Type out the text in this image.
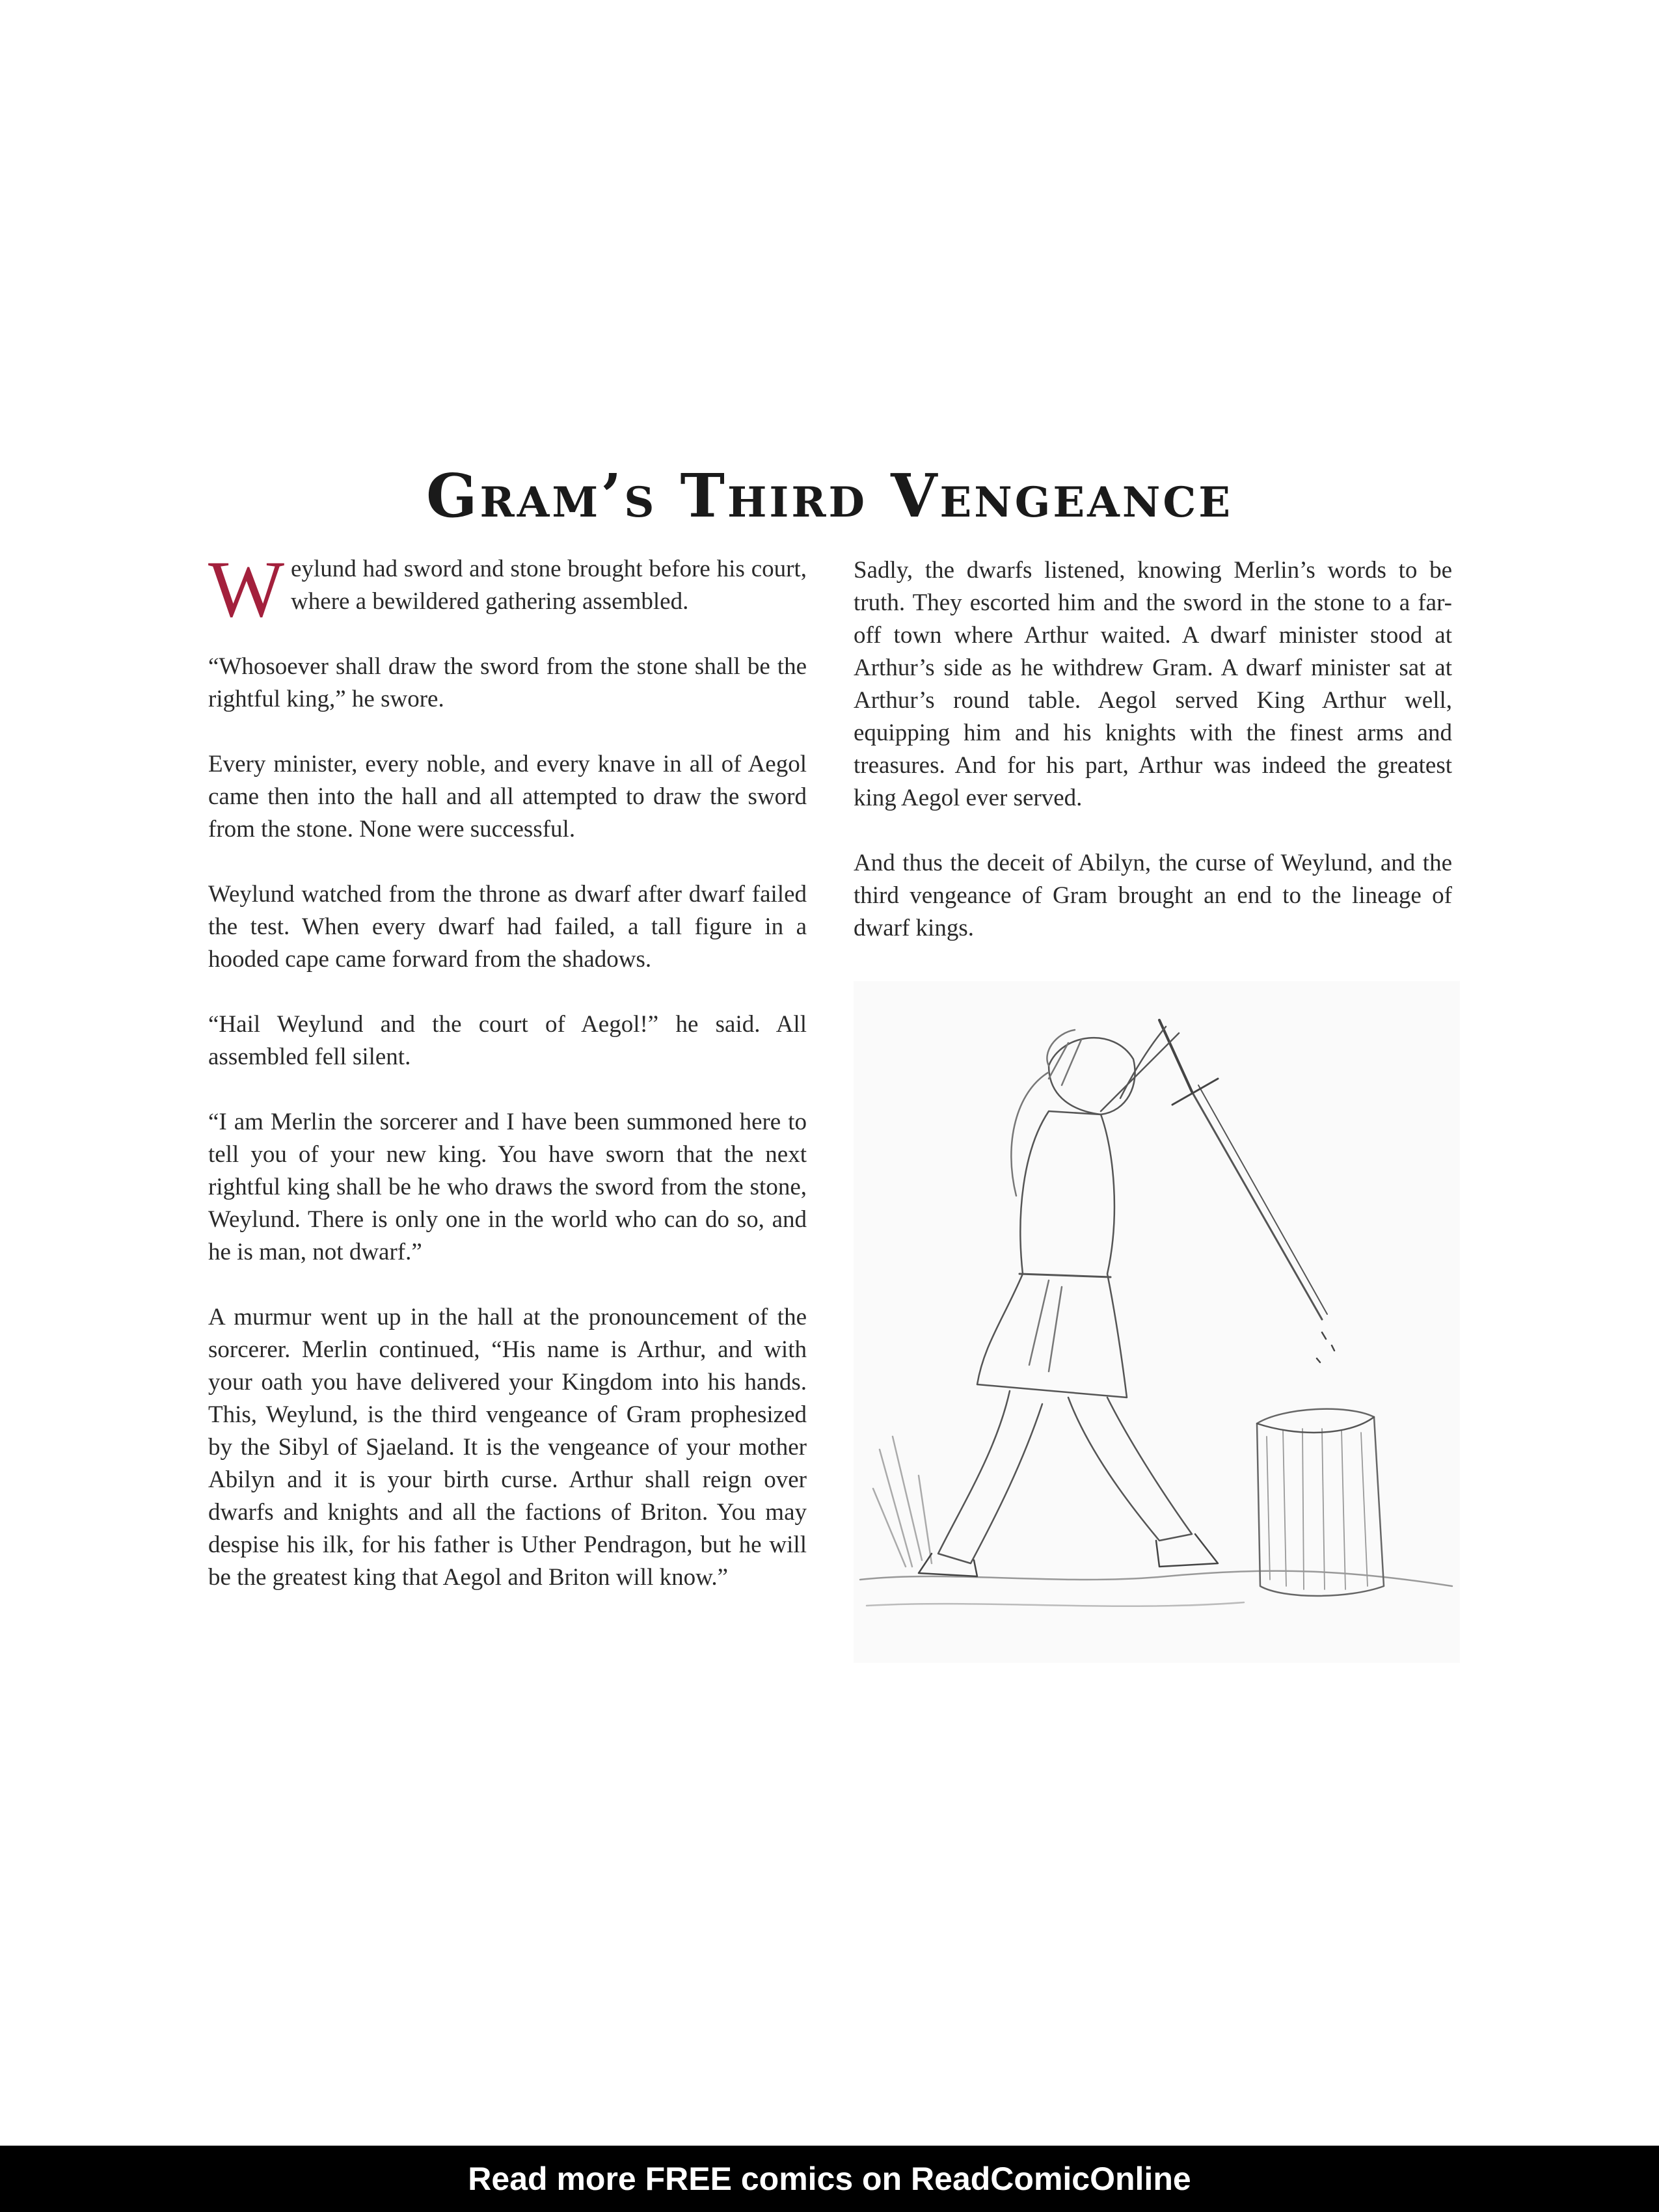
Gram’s Third Vengeance

Weylund had sword and stone brought before his court, where a bewildered gathering assembled.

“Whosoever shall draw the sword from the stone shall be the rightful king,” he swore.

Every minister, every noble, and every knave in all of Aegol came then into the hall and all attempted to draw the sword from the stone. None were successful.

Weylund watched from the throne as dwarf after dwarf failed the test. When every dwarf had failed, a tall figure in a hooded cape came forward from the shadows.

“Hail Weylund and the court of Aegol!” he said. All assembled fell silent.

“I am Merlin the sorcerer and I have been summoned here to tell you of your new king. You have sworn that the next rightful king shall be he who draws the sword from the stone, Weylund. There is only one in the world who can do so, and he is man, not dwarf.”

A murmur went up in the hall at the pronouncement of the sorcerer. Merlin continued, “His name is Arthur, and with your oath you have delivered your Kingdom into his hands. This, Weylund, is the third vengeance of Gram prophesized by the Sibyl of Sjaeland. It is the vengeance of your mother Abilyn and it is your birth curse. Arthur shall reign over dwarfs and knights and all the factions of Briton. You may despise his ilk, for his father is Uther Pendragon, but he will be the greatest king that Aegol and Briton will know.”

Sadly, the dwarfs listened, knowing Merlin’s words to be truth. They escorted him and the sword in the stone to a far-off town where Arthur waited. A dwarf minister stood at Arthur’s side as he withdrew Gram. A dwarf minister sat at Arthur’s round table. Aegol served King Arthur well, equipping him and his knights with the finest arms and treasures. And for his part, Arthur was indeed the greatest king Aegol ever served.

And thus the deceit of Abilyn, the curse of Weylund, and the third vengeance of Gram brought an end to the lineage of dwarf kings.

Read more FREE comics on ReadComicOnline
